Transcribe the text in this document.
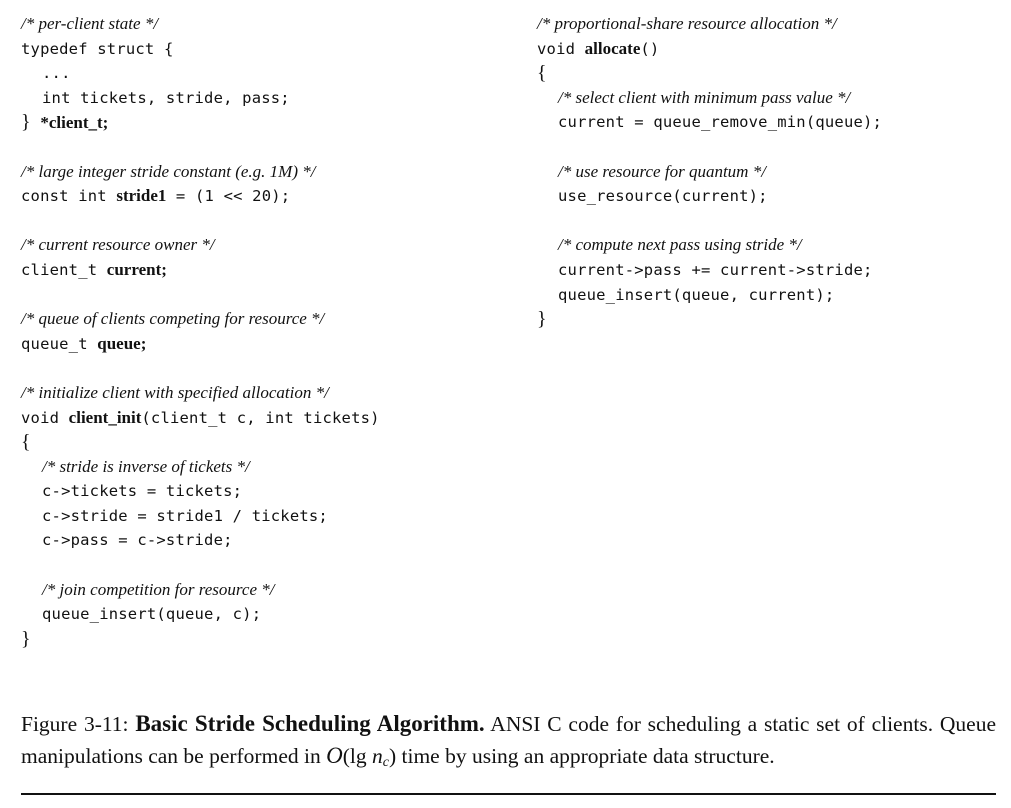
/* per-client state */
typedef struct {
...
int tickets, stride, pass;
} *client_t;
/* large integer stride constant (e.g. 1M) */
const int stride1 = (1 << 20);
/* current resource owner */
client_t current;
/* queue of clients competing for resource */
queue_t queue;
/* initialize client with specified allocation */
void client_init(client_t c, int tickets)
{
/* stride is inverse of tickets */
c->tickets = tickets;
c->stride = stride1 / tickets;
c->pass = c->stride;
/* join competition for resource */
queue_insert(queue, c);
}
/* proportional-share resource allocation */
void allocate()
{
/* select client with minimum pass value */
current = queue_remove_min(queue);
/* use resource for quantum */
use_resource(current);
/* compute next pass using stride */
current->pass += current->stride;
queue_insert(queue, current);
}
Figure 3-11: Basic Stride Scheduling Algorithm. ANSI C code for scheduling a static set of clients. Queue manipulations can be performed in O(lg $n_c$) time by using an appropriate data structure.
